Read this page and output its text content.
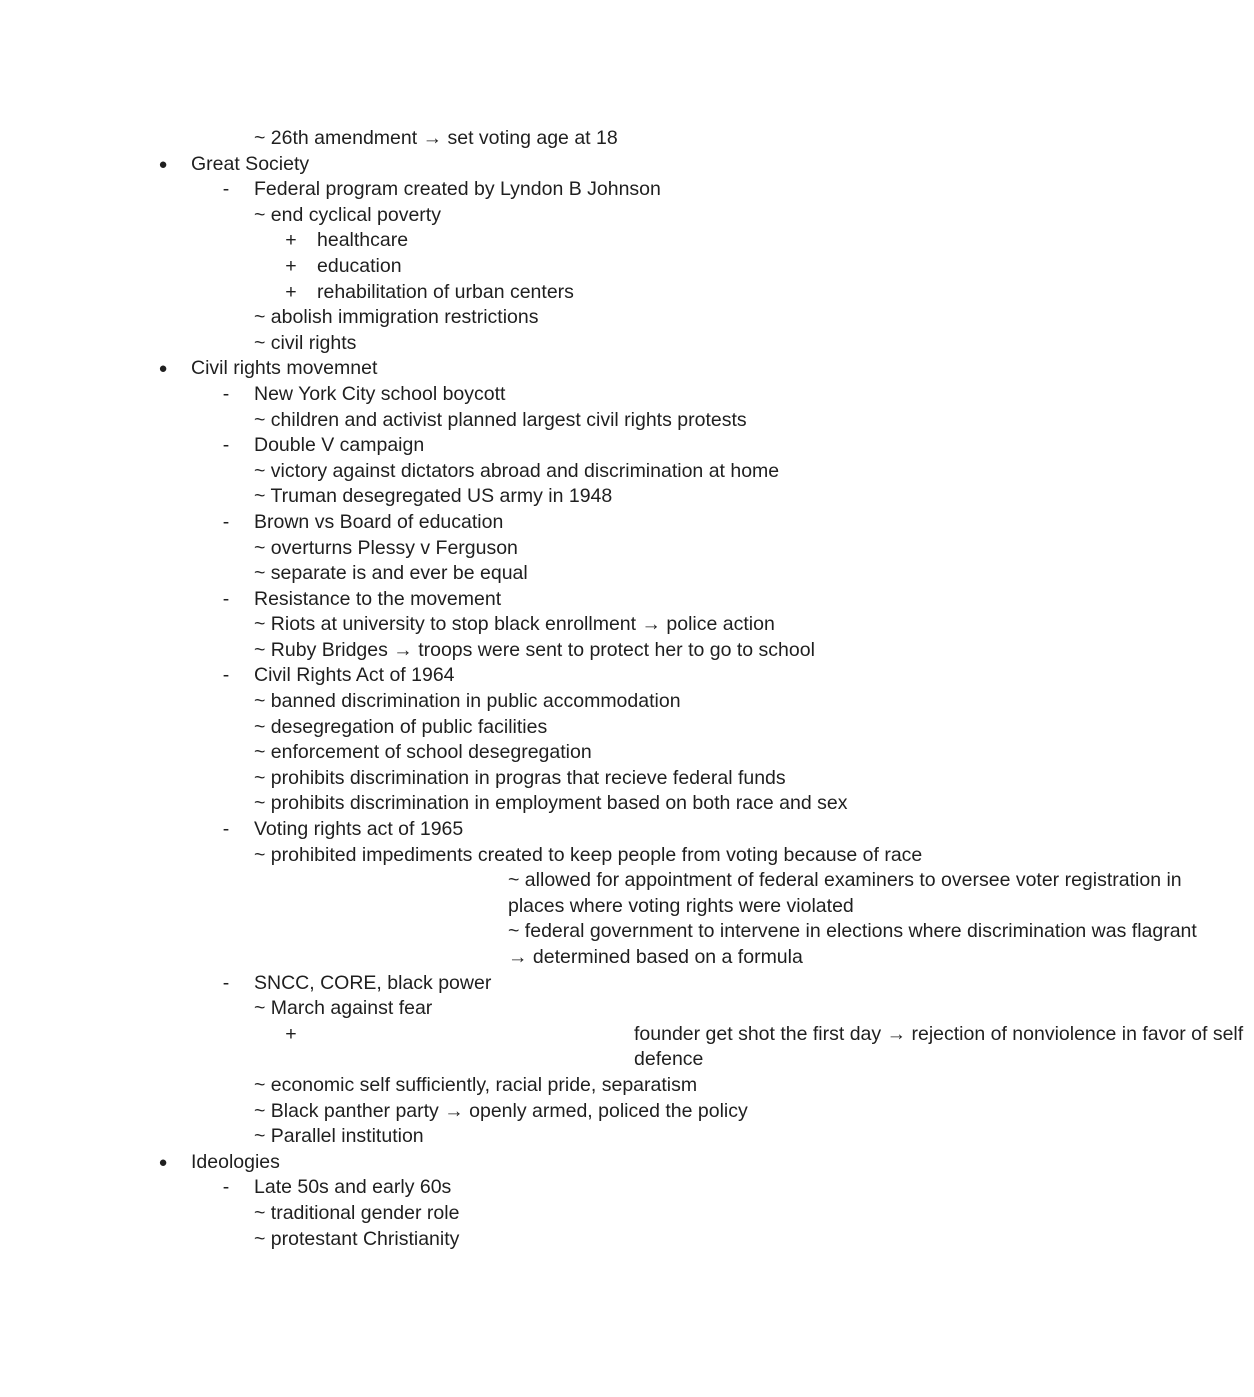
~ 26th amendment → set voting age at 18
● Great Society
- Federal program created by Lyndon B Johnson
~ end cyclical poverty
+ healthcare
+ education
+ rehabilitation of urban centers
~ abolish immigration restrictions
~ civil rights
● Civil rights movemnet
- New York City school boycott
~ children and activist planned largest civil rights protests
- Double V campaign
~ victory against dictators abroad and discrimination at home
~ Truman desegregated US army in 1948
- Brown vs Board of education
~ overturns Plessy v Ferguson
~ separate is and ever be equal
- Resistance to the movement
~ Riots at university to stop black enrollment → police action
~ Ruby Bridges → troops were sent to protect her to go to school
- Civil Rights Act of 1964
~ banned discrimination in public accommodation
~ desegregation of public facilities
~ enforcement of school desegregation
~ prohibits discrimination in progras that recieve federal funds
~ prohibits discrimination in employment based on both race and sex
- Voting rights act of 1965
~ prohibited impediments created to keep people from voting because of race
~ allowed for appointment of federal examiners to oversee voter registration in places where voting rights were violated
~ federal government to intervene in elections where discrimination was flagrant → determined based on a formula
- SNCC, CORE, black power
~ March against fear
+	founder get shot the first day → rejection of nonviolence in favor of self defence
~ economic self sufficiently, racial pride, separatism
~ Black panther party → openly armed, policed the policy
~ Parallel institution
● Ideologies
- Late 50s and early 60s
~ traditional gender role
~ protestant Christianity
